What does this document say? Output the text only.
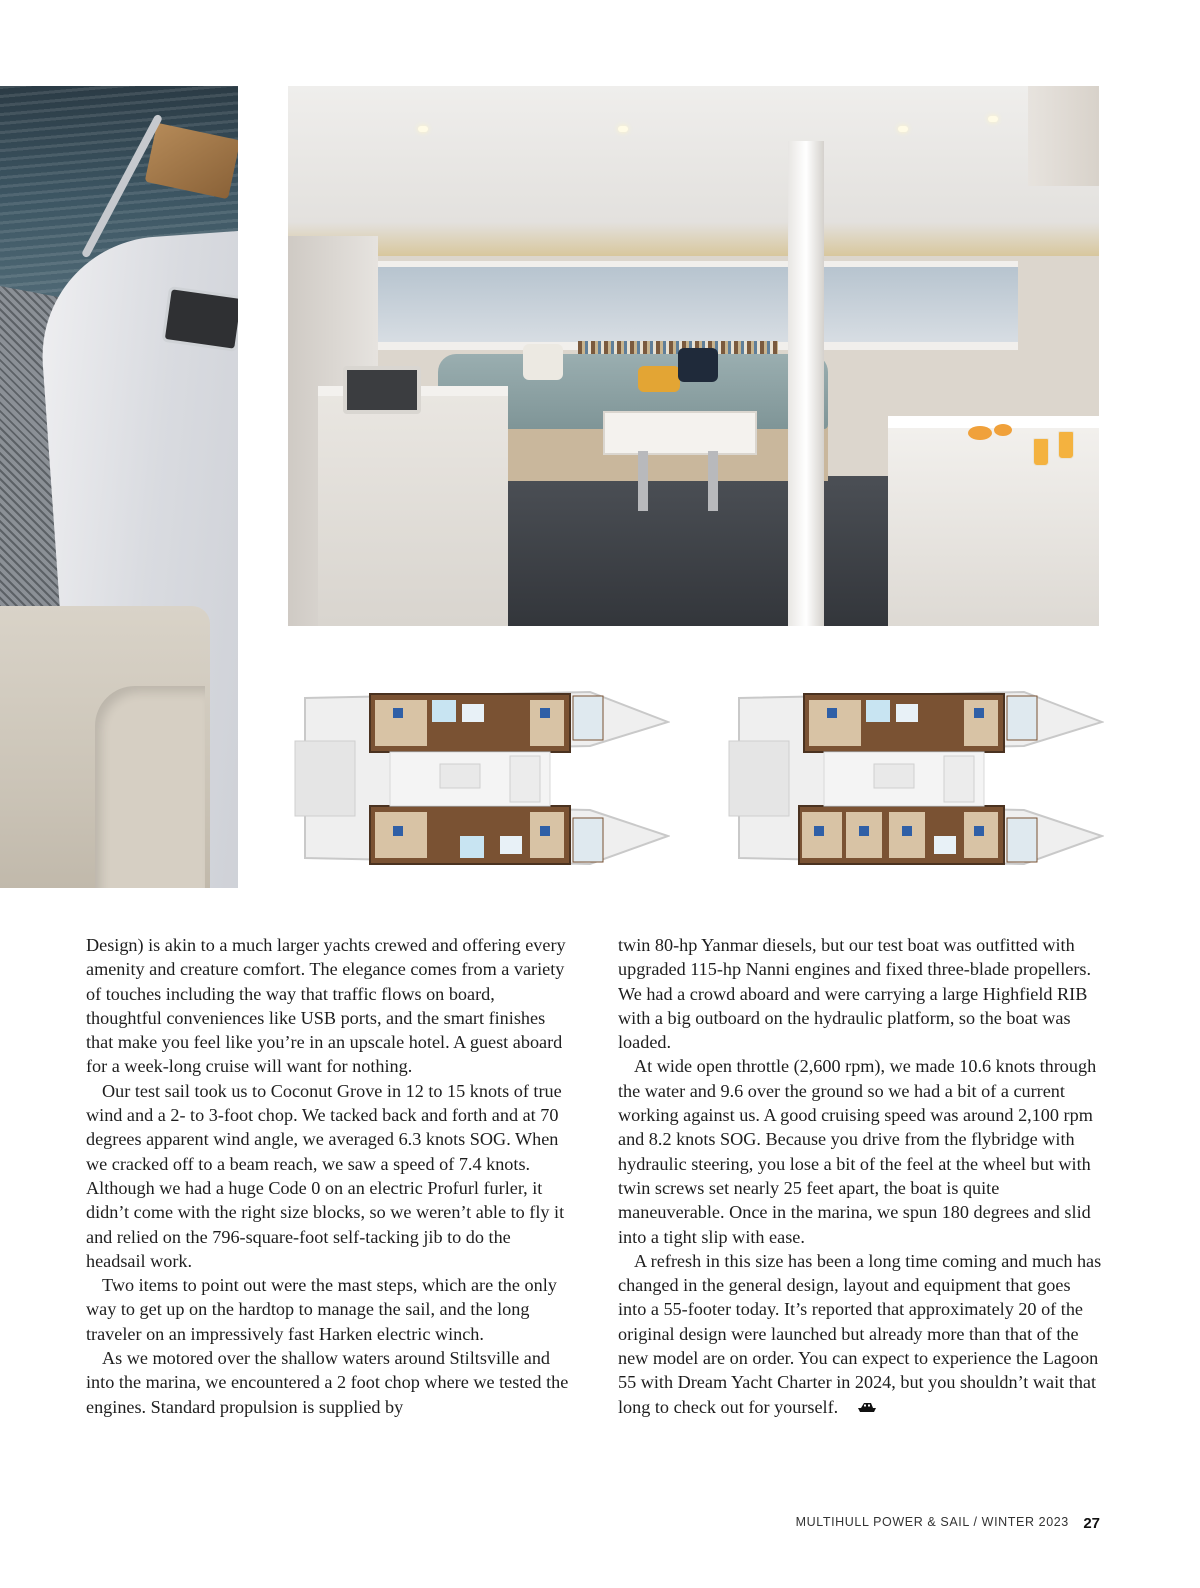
Design) is akin to a much larger yachts crewed and offering every amenity and creature comfort. The elegance comes from a variety of touches including the way that traffic flows on board, thoughtful conveniences like USB ports, and the smart finishes that make you feel like you’re in an upscale hotel. A guest aboard for a week-long cruise will want for nothing.

Our test sail took us to Coconut Grove in 12 to 15 knots of true wind and a 2- to 3-foot chop. We tacked back and forth and at 70 degrees apparent wind angle, we averaged 6.3 knots SOG. When we cracked off to a beam reach, we saw a speed of 7.4 knots. Although we had a huge Code 0 on an electric Profurl furler, it didn’t come with the right size blocks, so we weren’t able to fly it and relied on the 796-square-foot self-tacking jib to do the headsail work.

Two items to point out were the mast steps, which are the only way to get up on the hardtop to manage the sail, and the long traveler on an impressively fast Harken electric winch.

As we motored over the shallow waters around Stiltsville and into the marina, we encountered a 2 foot chop where we tested the engines. Standard propulsion is supplied by

twin 80-hp Yanmar diesels, but our test boat was outfitted with upgraded 115-hp Nanni engines and fixed three-blade propellers. We had a crowd aboard and were carrying a large Highfield RIB with a big outboard on the hydraulic platform, so the boat was loaded.

At wide open throttle (2,600 rpm), we made 10.6 knots through the water and 9.6 over the ground so we had a bit of a current working against us. A good cruising speed was around 2,100 rpm and 8.2 knots SOG. Because you drive from the flybridge with hydraulic steering, you lose a bit of the feel at the wheel but with twin screws set nearly 25 feet apart, the boat is quite maneuverable. Once in the marina, we spun 180 degrees and slid into a tight slip with ease.

A refresh in this size has been a long time coming and much has changed in the general design, layout and equipment that goes into a 55-footer today. It’s reported that approximately 20 of the original design were launched but already more than that of the new model are on order. You can expect to experience the Lagoon 55 with Dream Yacht Charter in 2024, but you shouldn’t wait that long to check out for yourself.

MULTIHULL POWER & SAIL / WINTER 2023 27
